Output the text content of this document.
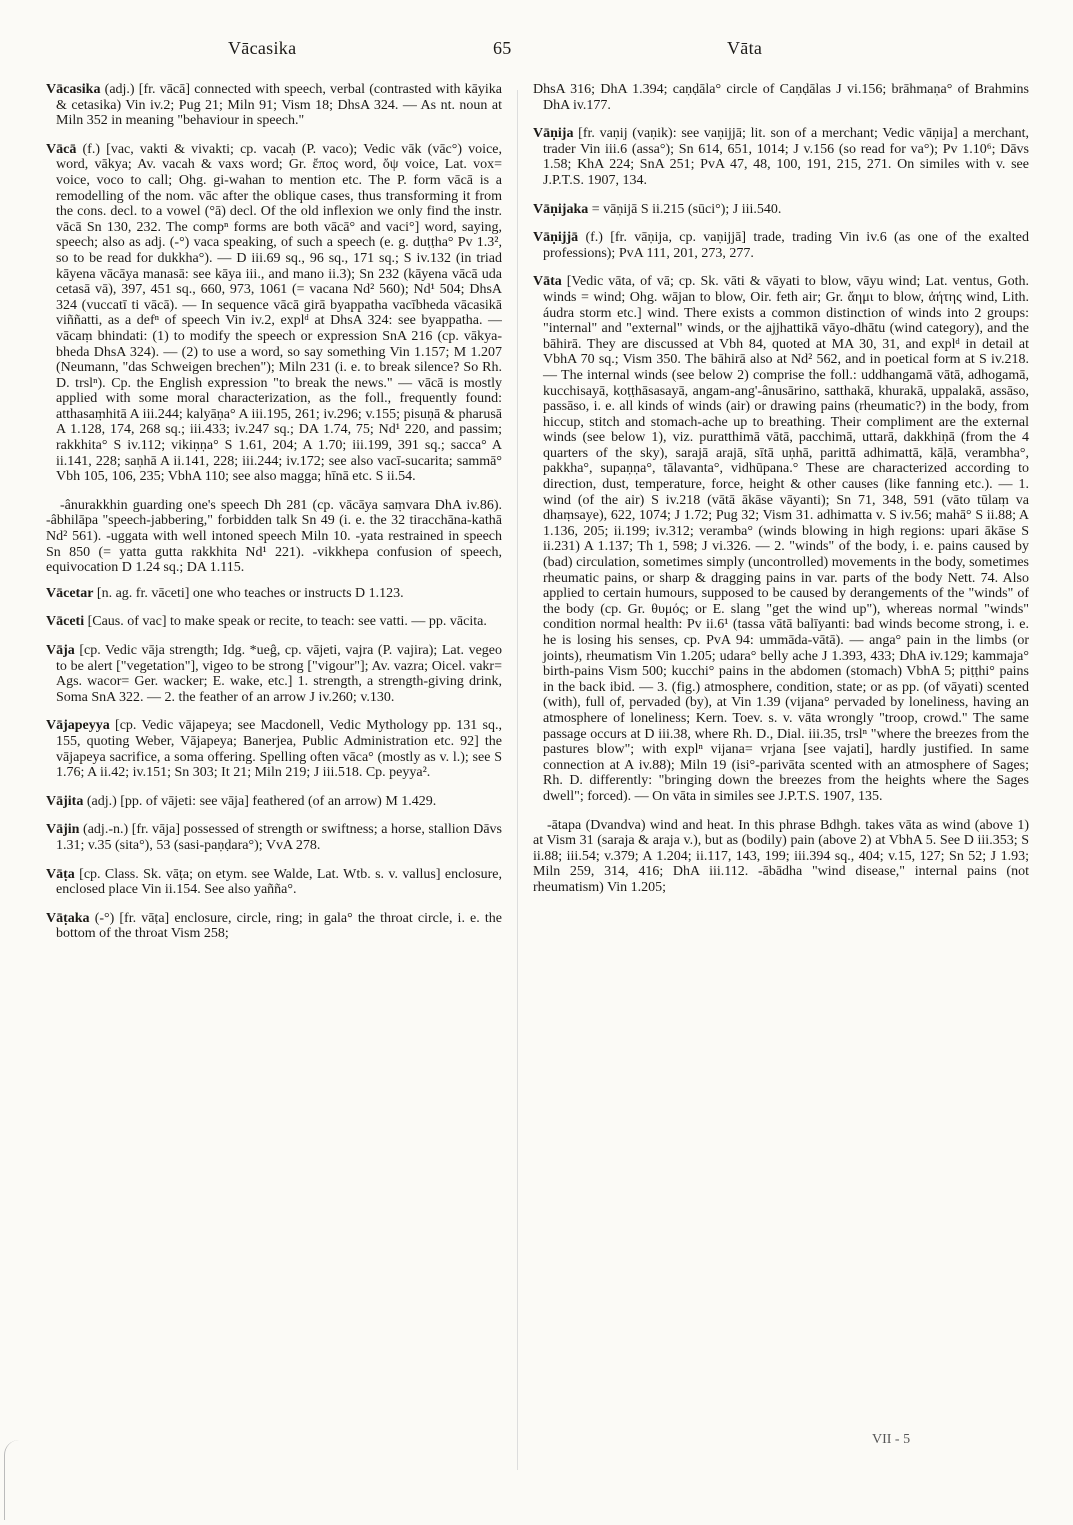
Vācasika	65	Vāta

Vācasika (adj.) [fr. vācā] connected with speech, verbal (contrasted with kāyika & cetasika) Vin iv.2; Pug 21; Miln 91; Vism 18; DhsA 324. — As nt. noun at Miln 352 in meaning "behaviour in speech."

Vācā (f.) [vac, vakti & vivakti; cp. vacaḥ (P. vaco); Vedic vāk (vāc°) voice, word, vākya; Av. vacah & vaxs word; Gr. ἔπος word, ὄψ voice, Lat. vox= voice, voco to call; Ohg. gi-wahan to mention etc. The P. form vācā is a remodelling of the nom. vāc after the oblique cases, thus transforming it from the cons. decl. to a vowel (°ā) decl. Of the old inflexion we only find the instr. vācā Sn 130, 232. The compⁿ forms are both vācā° and vaci°] word, saying, speech; also as adj. (-°) vaca speaking, of such a speech (e. g. duṭṭha° Pv 1.3², so to be read for dukkha°). — D iii.69 sq., 96 sq., 171 sq.; S iv.132 (in triad kāyena vācāya manasā: see kāya iii., and mano ii.3); Sn 232 (kāyena vācā uda cetasā vā), 397, 451 sq., 660, 973, 1061 (= vacana Nd² 560); Nd¹ 504; DhsA 324 (vuccatī ti vācā). — In sequence vācā girā byappatha vacībheda vācasikā viññatti, as a defⁿ of speech Vin iv.2, explᵈ at DhsA 324: see byappatha. — vācaṃ bhindati: (1) to modify the speech or expression SnA 216 (cp. vākya-bheda DhsA 324). — (2) to use a word, so say something Vin 1.157; M 1.207 (Neumann, "das Schweigen brechen"); Miln 231 (i. e. to break silence? So Rh. D. trslⁿ). Cp. the English expression "to break the news." — vācā is mostly applied with some moral characterization, as the foll., frequently found: atthasaṃhitā A iii.244; kalyāṇa° A iii.195, 261; iv.296; v.155; pisuṇā & pharusā A 1.128, 174, 268 sq.; iii.433; iv.247 sq.; DA 1.74, 75; Nd¹ 220, and passim; rakkhita° S iv.112; vikiṇṇa° S 1.61, 204; A 1.70; iii.199, 391 sq.; sacca° A ii.141, 228; saṇhā A ii.141, 228; iii.244; iv.172; see also vacī-sucarita; sammā° Vbh 105, 106, 235; VbhA 110; see also magga; hīnā etc. S ii.54.

-ânurakkhin guarding one's speech Dh 281 (cp. vācāya saṃvara DhA iv.86). -âbhilāpa "speech-jabbering," forbidden talk Sn 49 (i. e. the 32 tiracchāna-kathā Nd² 561). -uggata with well intoned speech Miln 10. -yata restrained in speech Sn 850 (= yatta gutta rakkhita Nd¹ 221). -vikkhepa confusion of speech, equivocation D 1.24 sq.; DA 1.115.

Vācetar [n. ag. fr. vāceti] one who teaches or instructs D 1.123.

Vāceti [Caus. of vac] to make speak or recite, to teach: see vatti. — pp. vācita.

Vāja [cp. Vedic vāja strength; Idg. *ueĝ, cp. vājeti, vajra (P. vajira); Lat. vegeo to be alert ["vegetation"], vigeo to be strong ["vigour"]; Av. vazra; Oicel. vakr= Ags. wacor= Ger. wacker; E. wake, etc.] 1. strength, a strength-giving drink, Soma SnA 322. — 2. the feather of an arrow J iv.260; v.130.

Vājapeyya [cp. Vedic vājapeya; see Macdonell, Vedic Mythology pp. 131 sq., 155, quoting Weber, Vājapeya; Banerjea, Public Administration etc. 92] the vājapeya sacrifice, a soma offering. Spelling often vāca° (mostly as v. l.); see S 1.76; A ii.42; iv.151; Sn 303; It 21; Miln 219; J iii.518. Cp. peyya².

Vājita (adj.) [pp. of vājeti: see vāja] feathered (of an arrow) M 1.429.

Vājin (adj.-n.) [fr. vāja] possessed of strength or swiftness; a horse, stallion Dāvs 1.31; v.35 (sita°), 53 (sasi-paṇḍara°); VvA 278.

Vāṭa [cp. Class. Sk. vāṭa; on etym. see Walde, Lat. Wtb. s. v. vallus] enclosure, enclosed place Vin ii.154. See also yañña°.

Vāṭaka (-°) [fr. vāṭa] enclosure, circle, ring; in gala° the throat circle, i. e. the bottom of the throat Vism 258;

DhsA 316; DhA 1.394; caṇḍāla° circle of Caṇḍālas J vi.156; brāhmaṇa° of Brahmins DhA iv.177.

Vāṇija [fr. vaṇij (vaṇik): see vaṇijjā; lit. son of a merchant; Vedic vāṇija] a merchant, trader Vin iii.6 (assa°); Sn 614, 651, 1014; J v.156 (so read for va°); Pv 1.10⁶; Dāvs 1.58; KhA 224; SnA 251; PvA 47, 48, 100, 191, 215, 271. On similes with v. see J.P.T.S. 1907, 134.

Vāṇijaka = vāṇijā S ii.215 (sūci°); J iii.540.

Vāṇijjā (f.) [fr. vāṇija, cp. vaṇijjā] trade, trading Vin iv.6 (as one of the exalted professions); PvA 111, 201, 273, 277.

Vāta [Vedic vāta, of vā; cp. Sk. vāti & vāyati to blow, vāyu wind; Lat. ventus, Goth. winds = wind; Ohg. wājan to blow, Oir. feth air; Gr. ἄημι to blow, ἀήτης wind, Lith. áudra storm etc.] wind. There exists a common distinction of winds into 2 groups: "internal" and "external" winds, or the ajjhattikā vāyo-dhātu (wind category), and the bāhirā. They are discussed at Vbh 84, quoted at MA 30, 31, and explᵈ in detail at VbhA 70 sq.; Vism 350. The bāhirā also at Nd² 562, and in poetical form at S iv.218. — The internal winds (see below 2) comprise the foll.: uddhangamā vātā, adhogamā, kucchisayā, koṭṭhāsasayā, angam-ang'-ânusārino, satthakā, khurakā, uppalakā, assāso, passāso, i. e. all kinds of winds (air) or drawing pains (rheumatic?) in the body, from hiccup, stitch and stomach-ache up to breathing. Their compliment are the external winds (see below 1), viz. puratthimā vātā, pacchimā, uttarā, dakkhiṇā (from the 4 quarters of the sky), sarajā arajā, sītā uṇhā, parittā adhimattā, kāḷā, verambha°, pakkha°, supaṇṇa°, tālavanta°, vidhūpana.° These are characterized according to direction, dust, temperature, force, height & other causes (like fanning etc.). — 1. wind (of the air) S iv.218 (vātā ākāse vāyanti); Sn 71, 348, 591 (vāto tūlaṃ va dhaṃsaye), 622, 1074; J 1.72; Pug 32; Vism 31. adhimatta v. S iv.56; mahā° S ii.88; A 1.136, 205; ii.199; iv.312; veramba° (winds blowing in high regions: upari ākāse S ii.231) A 1.137; Th 1, 598; J vi.326. — 2. "winds" of the body, i. e. pains caused by (bad) circulation, sometimes simply (uncontrolled) movements in the body, sometimes rheumatic pains, or sharp & dragging pains in var. parts of the body Nett. 74. Also applied to certain humours, supposed to be caused by derangements of the "winds" of the body (cp. Gr. θυμός; or E. slang "get the wind up"), whereas normal "winds" condition normal health: Pv ii.6¹ (tassa vātā balīyanti: bad winds become strong, i. e. he is losing his senses, cp. PvA 94: ummāda-vātā). — anga° pain in the limbs (or joints), rheumatism Vin 1.205; udara° belly ache J 1.393, 433; DhA iv.129; kammaja° birth-pains Vism 500; kucchi° pains in the abdomen (stomach) VbhA 5; piṭṭhi° pains in the back ibid. — 3. (fig.) atmosphere, condition, state; or as pp. (of vāyati) scented (with), full of, pervaded (by), at Vin 1.39 (vijana° pervaded by loneliness, having an atmosphere of loneliness; Kern. Toev. s. v. vāta wrongly "troop, crowd." The same passage occurs at D iii.38, where Rh. D., Dial. iii.35, trslⁿ "where the breezes from the pastures blow"; with explⁿ vijana= vrjana [see vajati], hardly justified. In same connection at A iv.88); Miln 19 (isi°-parivāta scented with an atmosphere of Sages; Rh. D. differently: "bringing down the breezes from the heights where the Sages dwell"; forced). — On vāta in similes see J.P.T.S. 1907, 135.

-ātapa (Dvandva) wind and heat. In this phrase Bdhgh. takes vāta as wind (above 1) at Vism 31 (saraja & araja v.), but as (bodily) pain (above 2) at VbhA 5. See D iii.353; S ii.88; iii.54; v.379; A 1.204; ii.117, 143, 199; iii.394 sq., 404; v.15, 127; Sn 52; J 1.93; Miln 259, 314, 416; DhA iii.112. -ābādha "wind disease," internal pains (not rheumatism) Vin 1.205;

VII - 5
